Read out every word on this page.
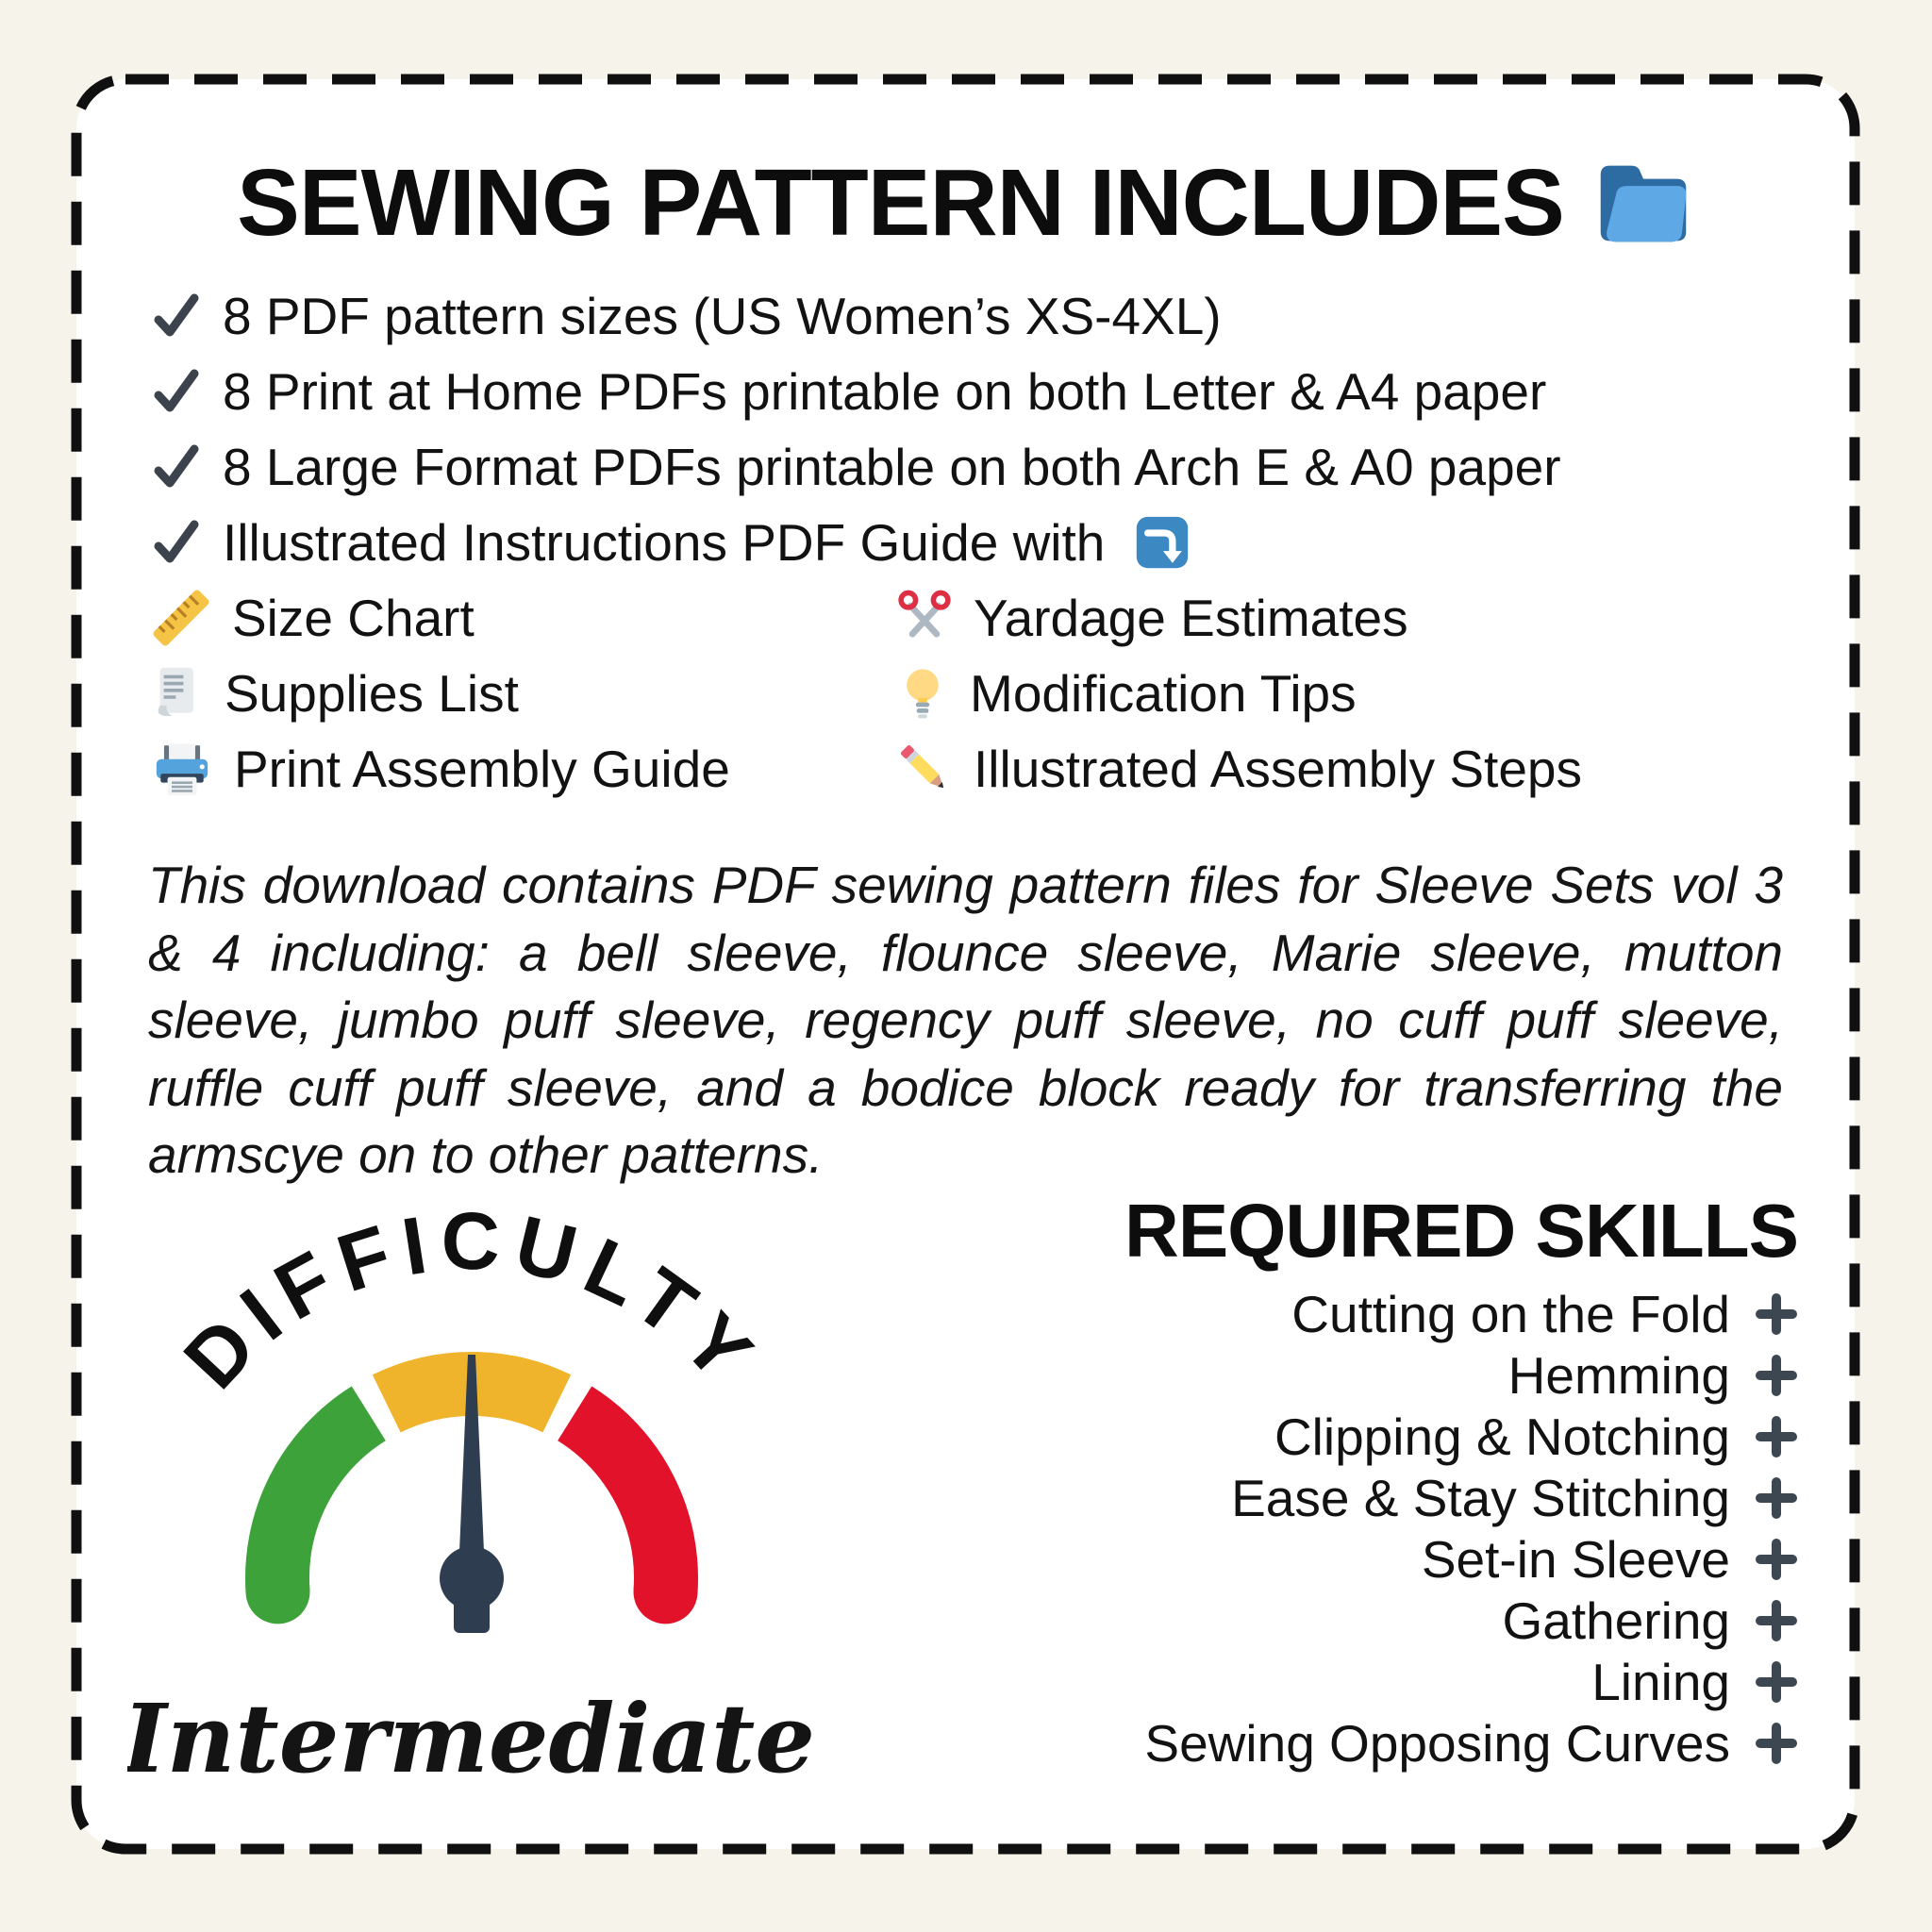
SEWING PATTERN INCLUDES
8 PDF pattern sizes (US Women’s XS-4XL)
8 Print at Home PDFs printable on both Letter & A4 paper
8 Large Format PDFs printable on both Arch E & A0 paper
Illustrated Instructions PDF Guide with
Size Chart	Yardage Estimates
Supplies List	Modification Tips
Print Assembly Guide	Illustrated Assembly Steps

This download contains PDF sewing pattern files for Sleeve Sets vol 3 & 4 including: a bell sleeve, flounce sleeve, Marie sleeve, mutton sleeve, jumbo puff sleeve, regency puff sleeve, no cuff puff sleeve, ruffle cuff puff sleeve, and a bodice block ready for transferring the armscye on to other patterns.

DIFFICULTY
Intermediate
REQUIRED SKILLS
Cutting on the Fold
Hemming
Clipping & Notching
Ease & Stay Stitching
Set-in Sleeve
Gathering
Lining
Sewing Opposing Curves
